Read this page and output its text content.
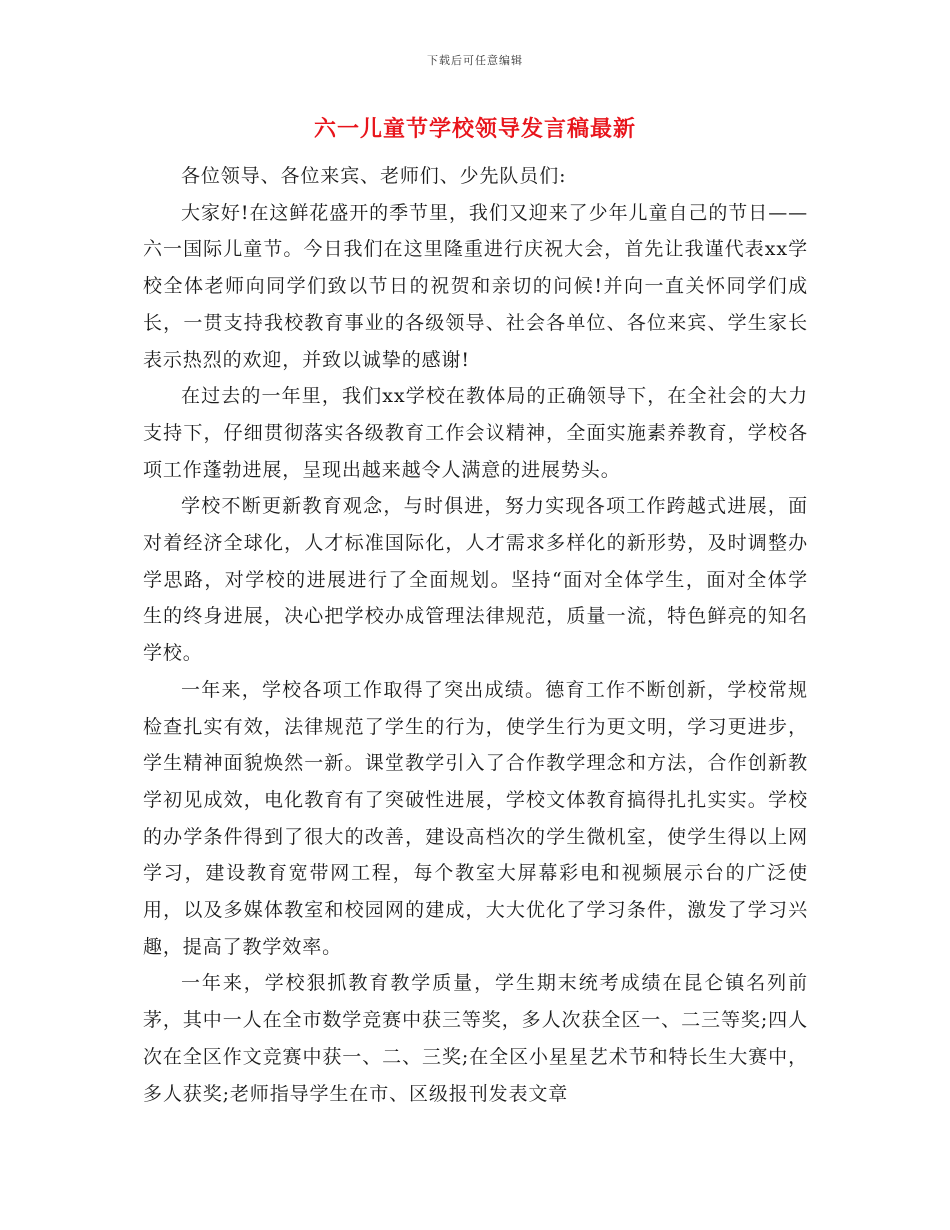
下载后可任意编辑
六一儿童节学校领导发言稿最新

各位领导、各位来宾、老师们、少先队员们:

大家好!在这鲜花盛开的季节里，我们又迎来了少年儿童自己的节日——六一国际儿童节。今日我们在这里隆重进行庆祝大会，首先让我谨代表xx学校全体老师向同学们致以节日的祝贺和亲切的问候!并向一直关怀同学们成长，一贯支持我校教育事业的各级领导、社会各单位、各位来宾、学生家长表示热烈的欢迎，并致以诚挚的感谢!

在过去的一年里，我们xx学校在教体局的正确领导下，在全社会的大力支持下，仔细贯彻落实各级教育工作会议精神，全面实施素养教育，学校各项工作蓬勃进展，呈现出越来越令人满意的进展势头。

学校不断更新教育观念，与时俱进，努力实现各项工作跨越式进展，面对着经济全球化，人才标准国际化，人才需求多样化的新形势，及时调整办学思路，对学校的进展进行了全面规划。坚持“面对全体学生，面对全体学生的终身进展，决心把学校办成管理法律规范，质量一流，特色鲜亮的知名学校。

一年来，学校各项工作取得了突出成绩。德育工作不断创新，学校常规检查扎实有效，法律规范了学生的行为，使学生行为更文明，学习更进步，学生精神面貌焕然一新。课堂教学引入了合作教学理念和方法，合作创新教学初见成效，电化教育有了突破性进展，学校文体教育搞得扎扎实实。学校的办学条件得到了很大的改善，建设高档次的学生微机室，使学生得以上网学习，建设教育宽带网工程，每个教室大屏幕彩电和视频展示台的广泛使用，以及多媒体教室和校园网的建成，大大优化了学习条件，激发了学习兴趣，提高了教学效率。

一年来，学校狠抓教育教学质量，学生期末统考成绩在昆仑镇名列前茅，其中一人在全市数学竞赛中获三等奖，多人次获全区一、二三等奖;四人次在全区作文竞赛中获一、二、三奖;在全区小星星艺术节和特长生大赛中，多人获奖;老师指导学生在市、区级报刊发表文章
